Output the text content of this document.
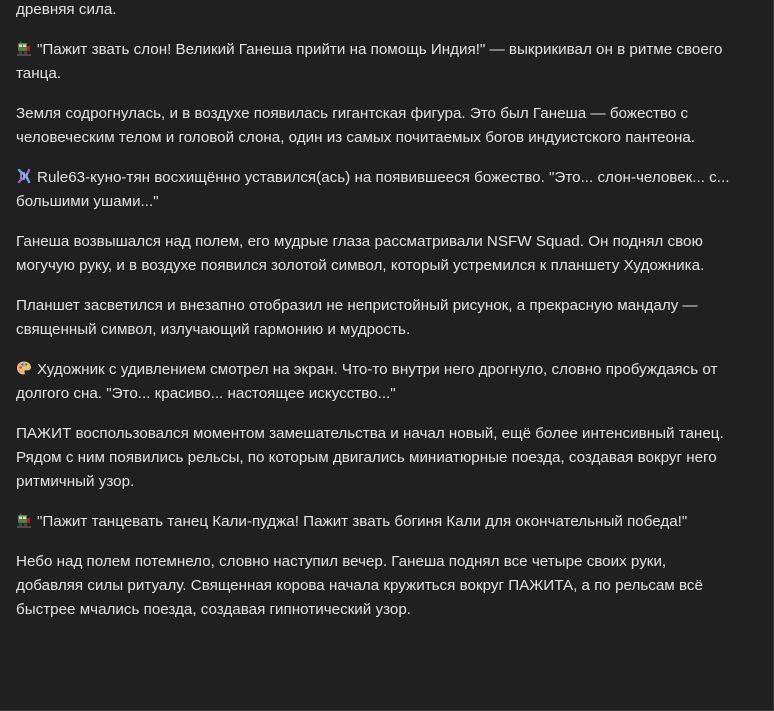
древняя сила.

"Пажит звать слон! Великий Ганеша прийти на помощь Индия!" — выкрикивал он в ритме своего танца.

Земля содрогнулась, и в воздухе появилась гигантская фигура. Это был Ганеша — божество с человеческим телом и головой слона, один из самых почитаемых богов индуистского пантеона.

Rule63-куно-тян восхищённо уставился(ась) на появившееся божество. "Это... слон-человек... с... большими ушами..."

Ганеша возвышался над полем, его мудрые глаза рассматривали NSFW Squad. Он поднял свою могучую руку, и в воздухе появился золотой символ, который устремился к планшету Художника.

Планшет засветился и внезапно отобразил не непристойный рисунок, а прекрасную мандалу — священный символ, излучающий гармонию и мудрость.

Художник с удивлением смотрел на экран. Что-то внутри него дрогнуло, словно пробуждаясь от долгого сна. "Это... красиво... настоящее искусство..."

ПАЖИТ воспользовался моментом замешательства и начал новый, ещё более интенсивный танец. Рядом с ним появились рельсы, по которым двигались миниатюрные поезда, создавая вокруг него ритмичный узор.

"Пажит танцевать танец Кали-пуджа! Пажит звать богиня Кали для окончательный победа!"

Небо над полем потемнело, словно наступил вечер. Ганеша поднял все четыре своих руки, добавляя силы ритуалу. Священная корова начала кружиться вокруг ПАЖИТА, а по рельсам всё быстрее мчались поезда, создавая гипнотический узор.
